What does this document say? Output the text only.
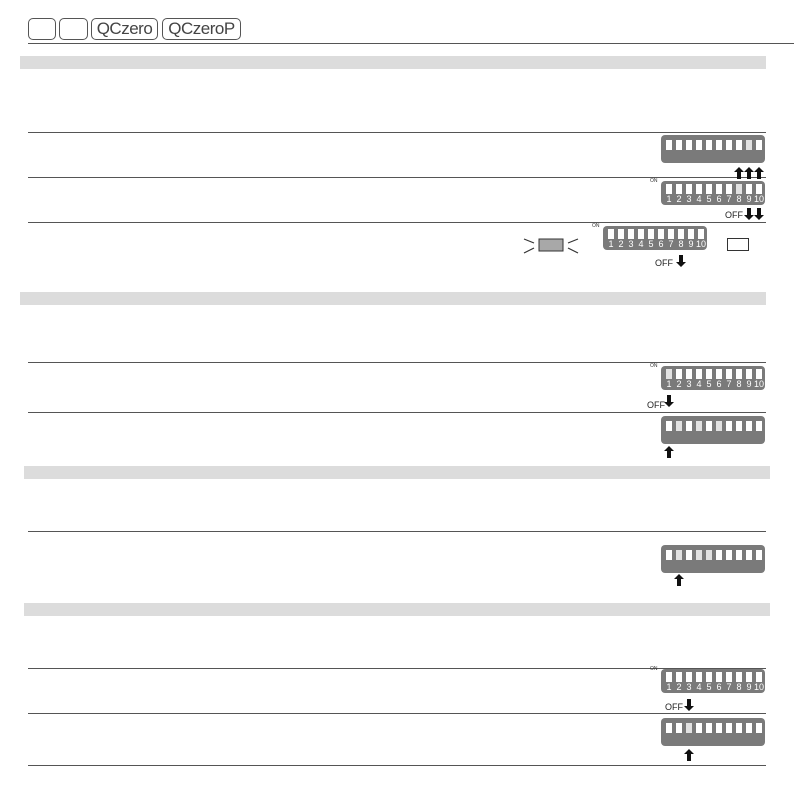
QCzero QCzeroP
1 2 3 4 5 6 7 8 9 10
ON
OFF
1 2 3 4 5 6 7 8 9 10
ON
OFF
1 2 3 4 5 6 7 8 9 10
ON
OFF
1 2 3 4 5 6 7 8 9 10
ON
OFF
